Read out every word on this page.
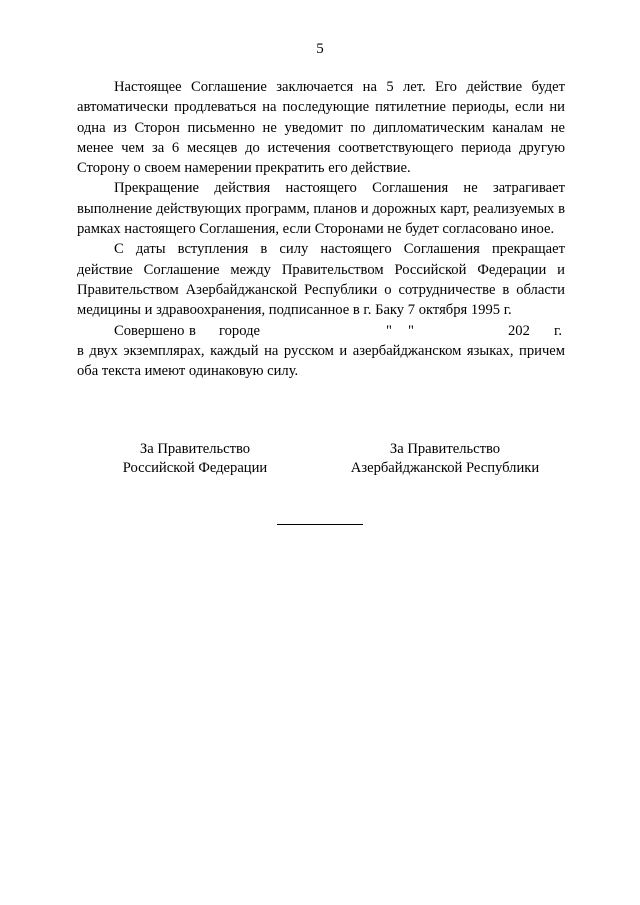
5

Настоящее Соглашение заключается на 5 лет. Его действие будет автоматически продлеваться на последующие пятилетние периоды, если ни одна из Сторон письменно не уведомит по дипломатическим каналам не менее чем за 6 месяцев до истечения соответствующего периода другую Сторону о своем намерении прекратить его действие.

Прекращение действия настоящего Соглашения не затрагивает выполнение действующих программ, планов и дорожных карт, реализуемых в рамках настоящего Соглашения, если Сторонами не будет согласовано иное.

С даты вступления в силу настоящего Соглашения прекращает действие Соглашение между Правительством Российской Федерации и Правительством Азербайджанской Республики о сотрудничестве в области медицины и здравоохранения, подписанное в г. Баку 7 октября 1995 г.

Совершено в городе	" "	202 г.

в двух экземплярах, каждый на русском и азербайджанском языках, причем оба текста имеют одинаковую силу.

За Правительство
Российской Федерации
За Правительство
Азербайджанской Республики
